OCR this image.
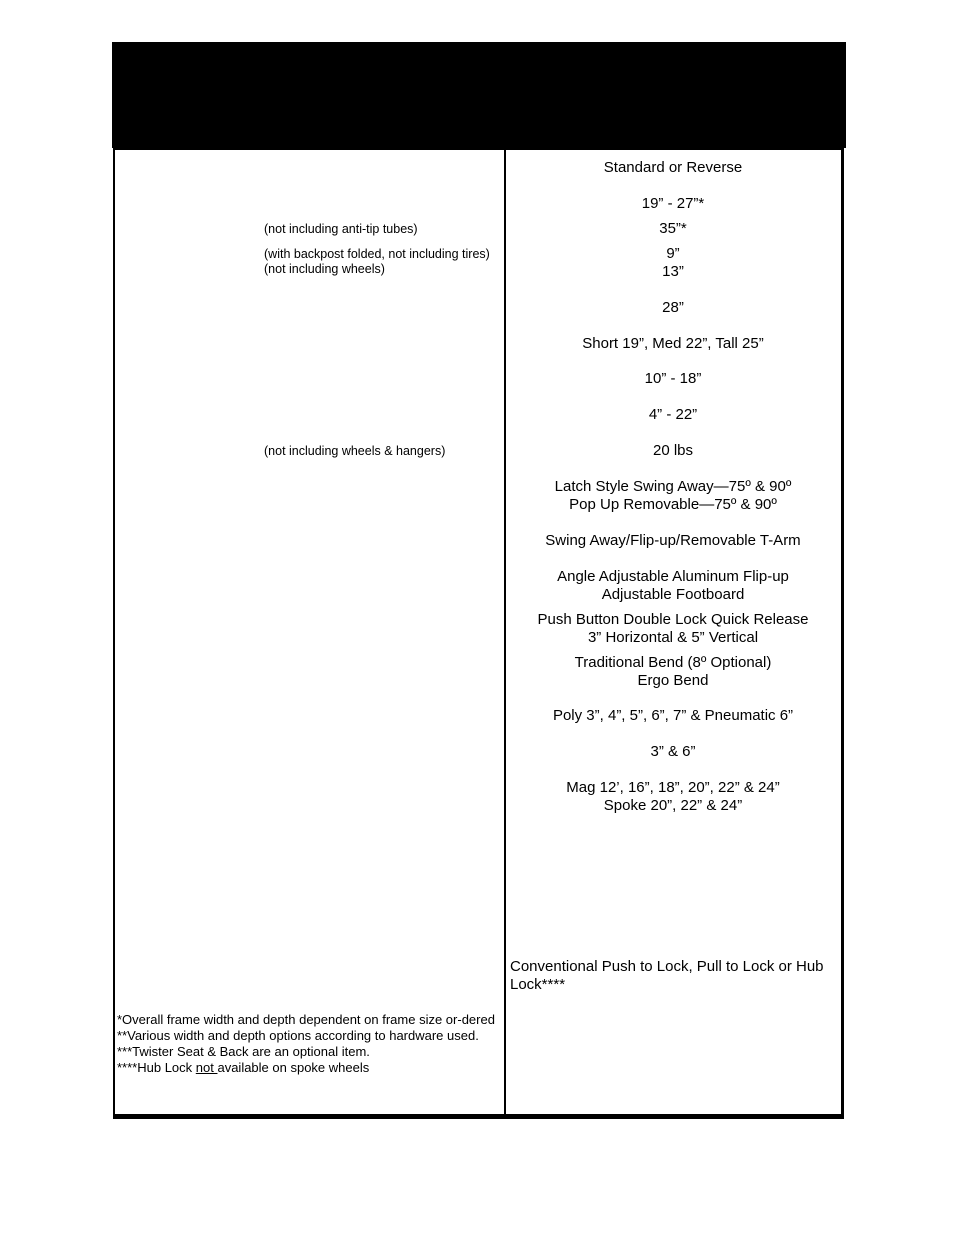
(not including anti-tip tubes)
(with backpost folded, not including tires)
(not including wheels)
(not including wheels & hangers)
Standard or Reverse
19” - 27”*
35”*
9”
13”
28”
Short 19”, Med 22”, Tall 25”
10” - 18”
4” - 22”
20 lbs
Latch Style Swing Away—75º & 90º
Pop Up Removable—75º & 90º
Swing Away/Flip-up/Removable T-Arm
Angle Adjustable Aluminum Flip-up
Adjustable Footboard
Push Button Double Lock Quick Release
3” Horizontal & 5” Vertical
Traditional Bend (8º Optional)
Ergo Bend
Poly 3”, 4”, 5”, 6”, 7” & Pneumatic 6”
3” & 6”
Mag 12’, 16”, 18”, 20”, 22” & 24”
Spoke 20”, 22” & 24”
Conventional Push to Lock, Pull to Lock or Hub Lock****
*Overall frame width and depth dependent on frame size or-dered
**Various width and depth options according to hardware used.
***Twister Seat & Back are an optional item.
****Hub Lock not available on spoke wheels
